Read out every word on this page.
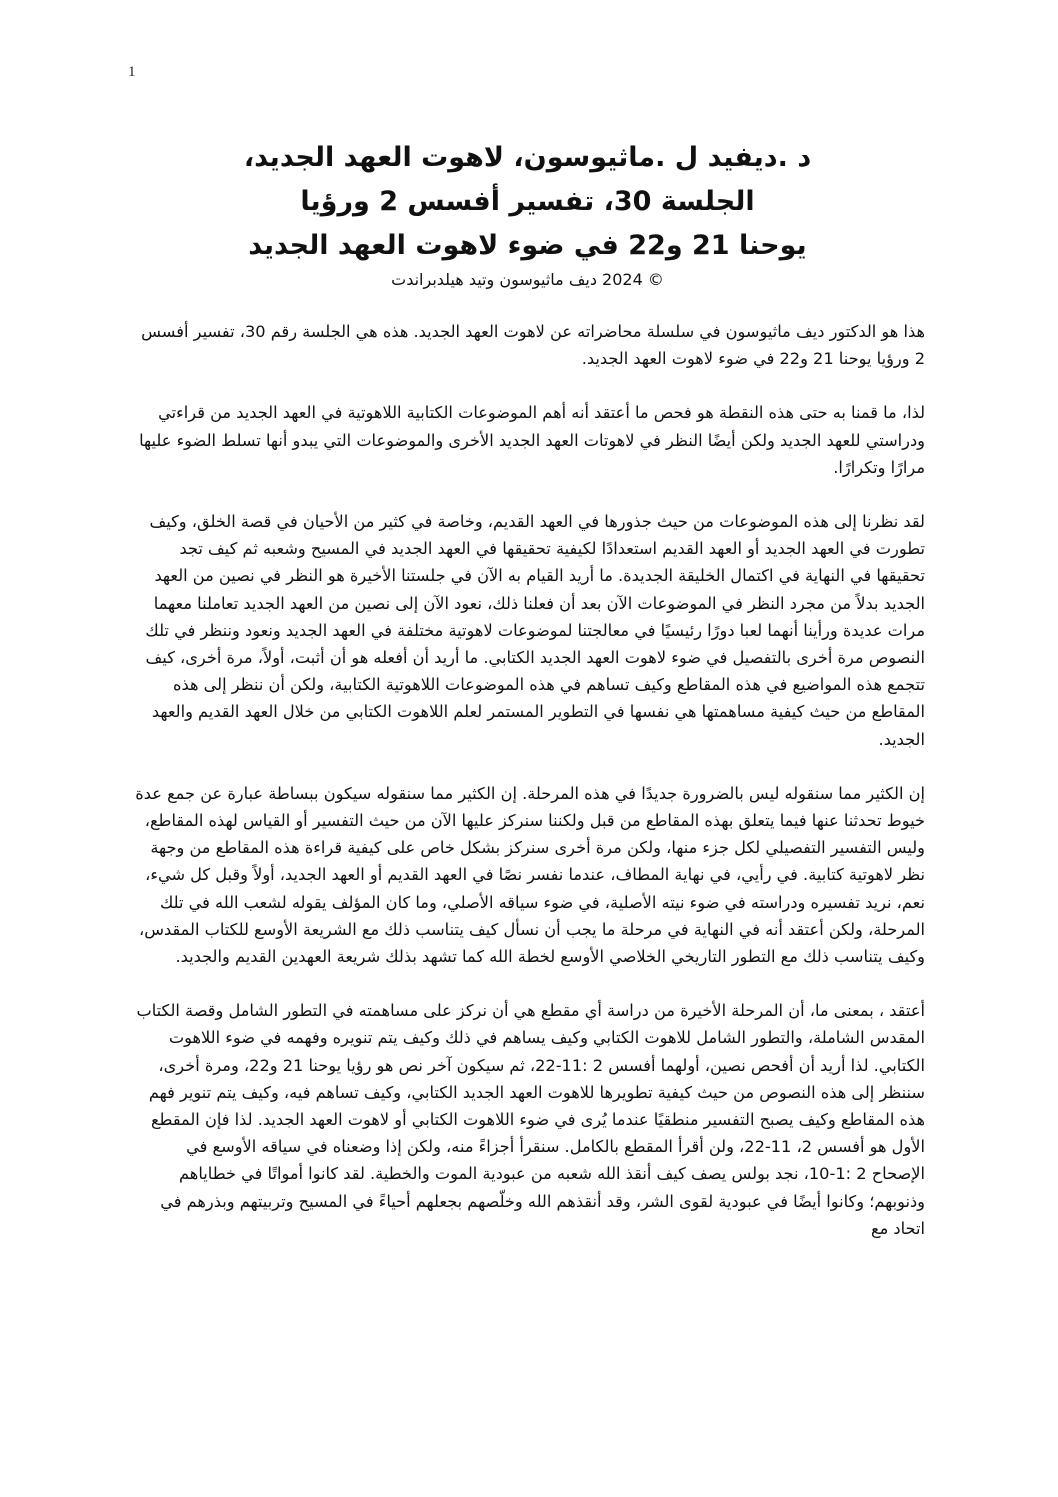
1
د .ديفيد ل .ماثيوسون، لاهوت العهد الجديد،
الجلسة 30، تفسير أفسس 2 ورؤيا
يوحنا 21 و22 في ضوء لاهوت العهد الجديد
© 2024 ديف ماثيوسون وتيد هيلدبراندت

هذا هو الدكتور ديف ماثيوسون في سلسلة محاضراته عن لاهوت العهد الجديد. هذه هي الجلسة رقم 30، تفسير أفسس 2 ورؤيا يوحنا 21 و22 في ضوء لاهوت العهد الجديد.

لذا، ما قمنا به حتى هذه النقطة هو فحص ما أعتقد أنه أهم الموضوعات الكتابية اللاهوتية في العهد الجديد من قراءتي ودراستي للعهد الجديد ولكن أيضًا النظر في لاهوتات العهد الجديد الأخرى والموضوعات التي يبدو أنها تسلط الضوء عليها مرارًا وتكرارًا.

لقد نظرنا إلى هذه الموضوعات من حيث جذورها في العهد القديم، وخاصة في كثير من الأحيان في قصة الخلق، وكيف تطورت في العهد الجديد أو العهد القديم استعدادًا لكيفية تحقيقها في العهد الجديد في المسيح وشعبه ثم كيف تجد تحقيقها في النهاية في اكتمال الخليقة الجديدة. ما أريد القيام به الآن في جلستنا الأخيرة هو النظر في نصين من العهد الجديد بدلاً من مجرد النظر في الموضوعات الآن بعد أن فعلنا ذلك، نعود الآن إلى نصين من العهد الجديد تعاملنا معهما مرات عديدة ورأينا أنهما لعبا دورًا رئيسيًا في معالجتنا لموضوعات لاهوتية مختلفة في العهد الجديد ونعود وننظر في تلك النصوص مرة أخرى بالتفصيل في ضوء لاهوت العهد الجديد الكتابي. ما أريد أن أفعله هو أن أثبت، أولاً، مرة أخرى، كيف تتجمع هذه المواضيع في هذه المقاطع وكيف تساهم في هذه الموضوعات اللاهوتية الكتابية، ولكن أن ننظر إلى هذه المقاطع من حيث كيفية مساهمتها هي نفسها في التطوير المستمر لعلم اللاهوت الكتابي من خلال العهد القديم والعهد الجديد.

إن الكثير مما سنقوله ليس بالضرورة جديدًا في هذه المرحلة. إن الكثير مما سنقوله سيكون ببساطة عبارة عن جمع عدة خيوط تحدثنا عنها فيما يتعلق بهذه المقاطع من قبل ولكننا سنركز عليها الآن من حيث التفسير أو القياس لهذه المقاطع، وليس التفسير التفصيلي لكل جزء منها، ولكن مرة أخرى سنركز بشكل خاص على كيفية قراءة هذه المقاطع من وجهة نظر لاهوتية كتابية. في رأيي، في نهاية المطاف، عندما نفسر نصًا في العهد القديم أو العهد الجديد، أولاً وقبل كل شيء، نعم، نريد تفسيره ودراسته في ضوء نيته الأصلية، في ضوء سياقه الأصلي، وما كان المؤلف يقوله لشعب الله في تلك المرحلة، ولكن أعتقد أنه في النهاية في مرحلة ما يجب أن نسأل كيف يتناسب ذلك مع الشريعة الأوسع للكتاب المقدس، وكيف يتناسب ذلك مع التطور التاريخي الخلاصي الأوسع لخطة الله كما تشهد بذلك شريعة العهدين القديم والجديد.

أعتقد ، بمعنى ما، أن المرحلة الأخيرة من دراسة أي مقطع هي أن نركز على مساهمته في التطور الشامل وقصة الكتاب المقدس الشاملة، والتطور الشامل للاهوت الكتابي وكيف يساهم في ذلك وكيف يتم تنويره وفهمه في ضوء اللاهوت الكتابي. لذا أريد أن أفحص نصين، أولهما أفسس 2 :11-22، ثم سيكون آخر نص هو رؤيا يوحنا 21 و22، ومرة أخرى، سننظر إلى هذه النصوص من حيث كيفية تطويرها للاهوت العهد الجديد الكتابي، وكيف تساهم فيه، وكيف يتم تنوير فهم هذه المقاطع وكيف يصبح التفسير منطقيًا عندما يُرى في ضوء اللاهوت الكتابي أو لاهوت العهد الجديد. لذا فإن المقطع الأول هو أفسس 2، 11-22، ولن أقرأ المقطع بالكامل. سنقرأ أجزاءً منه، ولكن إذا وضعناه في سياقه الأوسع في الإصحاح 2 :1-10، نجد بولس يصف كيف أنقذ الله شعبه من عبودية الموت والخطية. لقد كانوا أمواتًا في خطاياهم وذنوبهم؛ وكانوا أيضًا في عبودية لقوى الشر، وقد أنقذهم الله وخلّصهم بجعلهم أحياءً في المسيح وتربيتهم وبذرهم في اتحاد مع
